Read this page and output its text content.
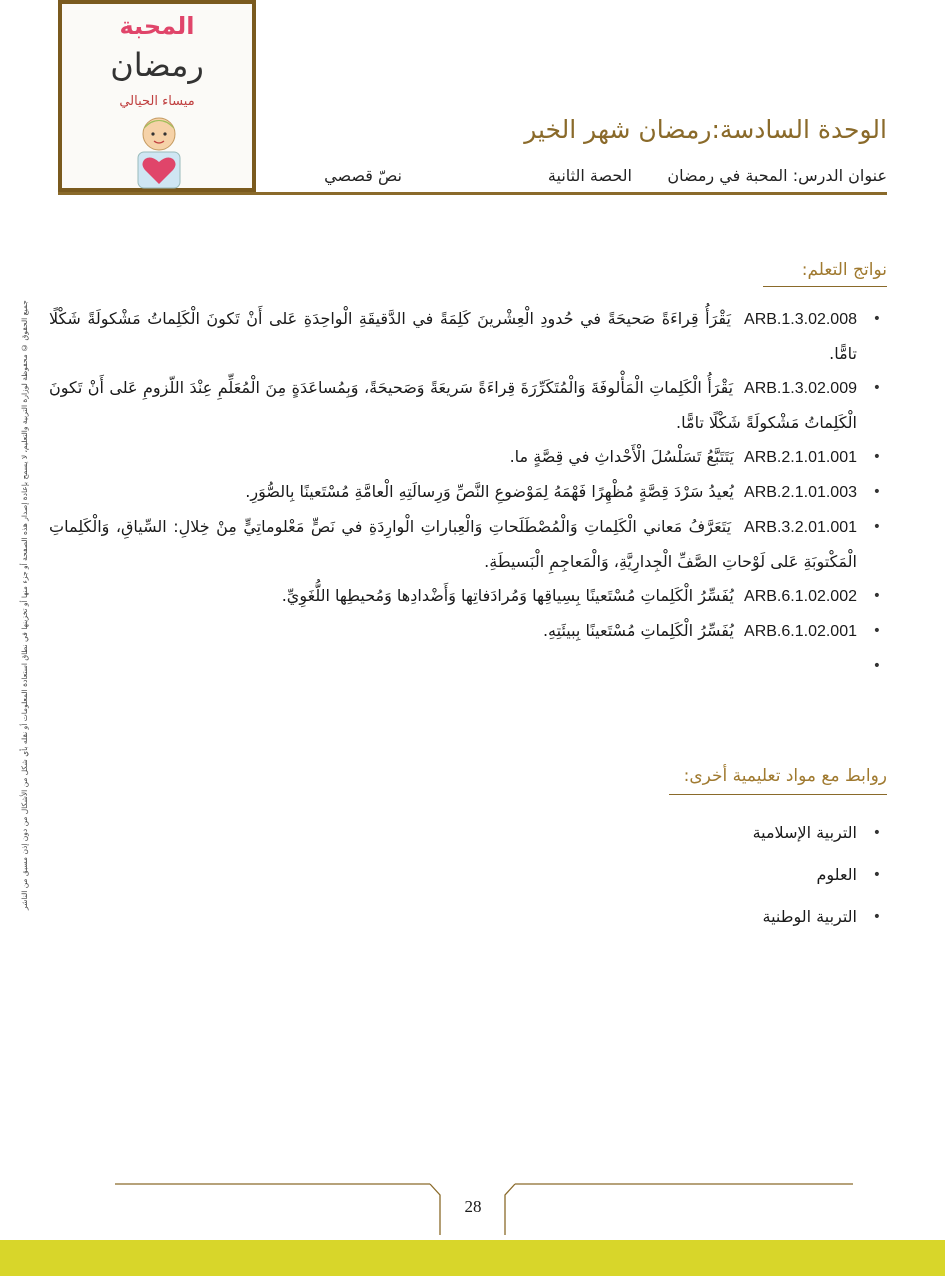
المحبة
رمضان
ميساء الحيالي
الوحدة السادسة:رمضان شهر الخير
عنوان الدرس: المحبة في رمضان
الحصة الثانية
نصّ قصصي
جميع الحقوق © محفوظة لوزارة التربية والتعليم، لا يسمح بإعادة إصدار هذه الصفحة أو جزء منها أو تخزينها في نطاق استعادة المعلومات أو نقله بأي شكل من الأشكال من دون إذن مسبق من الناشر
نواتج التعلم:
• ARB.1.3.02.008  يَقْرَأُ قِراءَةً صَحيحَةً في حُدودِ الْعِشْرينَ كَلِمَةً في الدَّقيقَةِ الْواحِدَةِ عَلى أَنْ تَكونَ الْكَلِماتُ مَشْكولَةً شَكْلًا تامًّا.
• ARB.1.3.02.009  يَقْرَأُ الْكَلِماتِ الْمَأْلوفَةَ وَالْمُتَكَرِّرَةَ قِراءَةً سَريعَةً وَصَحيحَةً، وَبِمُساعَدَةٍ مِنَ الْمُعَلِّمِ عِنْدَ اللّزومِ عَلى أَنْ تَكونَ الْكَلِماتُ مَشْكولَةً شَكْلًا تامًّا.
• ARB.2.1.01.001  يَتَتَبَّعُ تَسَلْسُلَ الْأَحْداثِ في قِصَّةٍ ما.
• ARB.2.1.01.003  يُعيدُ سَرْدَ قِصَّةٍ مُظْهِرًا فَهْمَهُ لِمَوْضوعِ النَّصِّ وَرِسالَتِهِ الْعامَّةِ مُسْتَعينًا بِالصُّوَرِ.
• ARB.3.2.01.001  يَتَعَرَّفُ مَعاني الْكَلِماتِ وَالْمُصْطَلَحاتِ وَالْعِباراتِ الْوارِدَةِ في نَصٍّ مَعْلوماتِيٍّ مِنْ خِلالِ: السِّياقِ، وَالْكَلِماتِ الْمَكْتوبَةِ عَلى لَوْحاتِ الصَّفِّ الْجِدارِيَّةِ، وَالْمَعاجِمِ الْبَسيطَةِ.
• ARB.6.1.02.002  يُفَسِّرُ الْكَلِماتِ مُسْتَعينًا بِسِياقِها وَمُرادَفاتِها وَأَضْدادِها وَمُحيطِها اللُّغَوِيِّ.
• ARB.6.1.02.001  يُفَسِّرُ الْكَلِماتِ مُسْتَعينًا بِبيئَتِهِ.
•
روابط مع مواد تعليمية أخرى:
• التربية الإسلامية
• العلوم
• التربية الوطنية
28
